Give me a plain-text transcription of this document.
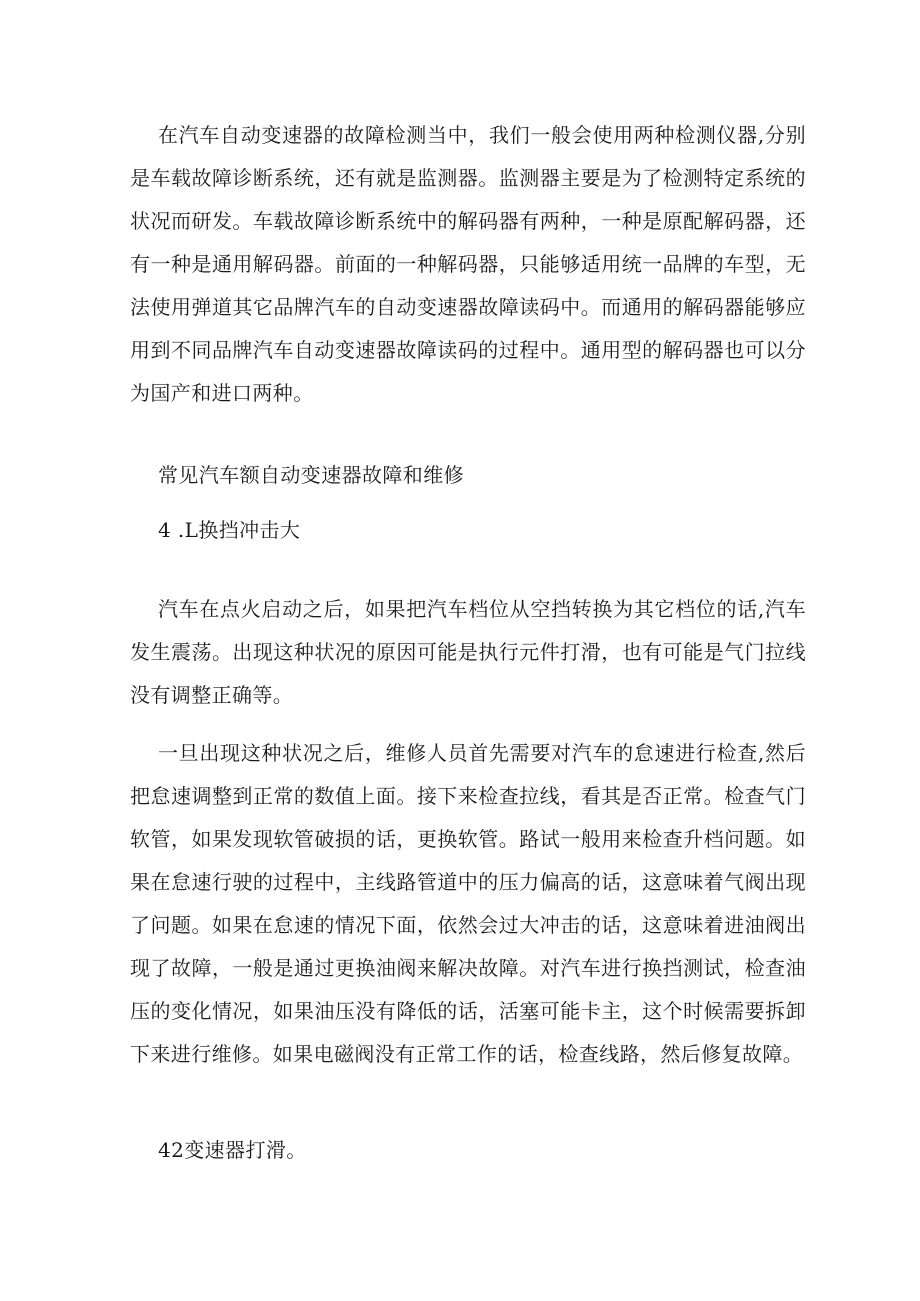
在汽车自动变速器的故障检测当中，我们一般会使用两种检测仪器,分别是车载故障诊断系统，还有就是监测器。监测器主要是为了检测特定系统的状况而研发。车载故障诊断系统中的解码器有两种，一种是原配解码器，还有一种是通用解码器。前面的一种解码器，只能够适用统一品牌的车型，无法使用弹道其它品牌汽车的自动变速器故障读码中。而通用的解码器能够应用到不同品牌汽车自动变速器故障读码的过程中。通用型的解码器也可以分为国产和进口两种。

常见汽车额自动变速器故障和维修

4 .L换挡冲击大

汽车在点火启动之后，如果把汽车档位从空挡转换为其它档位的话,汽车发生震荡。出现这种状况的原因可能是执行元件打滑，也有可能是气门拉线没有调整正确等。

一旦出现这种状况之后，维修人员首先需要对汽车的怠速进行检查,然后把怠速调整到正常的数值上面。接下来检查拉线，看其是否正常。检查气门软管，如果发现软管破损的话，更换软管。路试一般用来检查升档问题。如果在怠速行驶的过程中，主线路管道中的压力偏高的话，这意味着气阀出现了问题。如果在怠速的情况下面，依然会过大冲击的话，这意味着进油阀出现了故障，一般是通过更换油阀来解决故障。对汽车进行换挡测试，检查油压的变化情况，如果油压没有降低的话，活塞可能卡主，这个时候需要拆卸下来进行维修。如果电磁阀没有正常工作的话，检查线路，然后修复故障。

42变速器打滑。
